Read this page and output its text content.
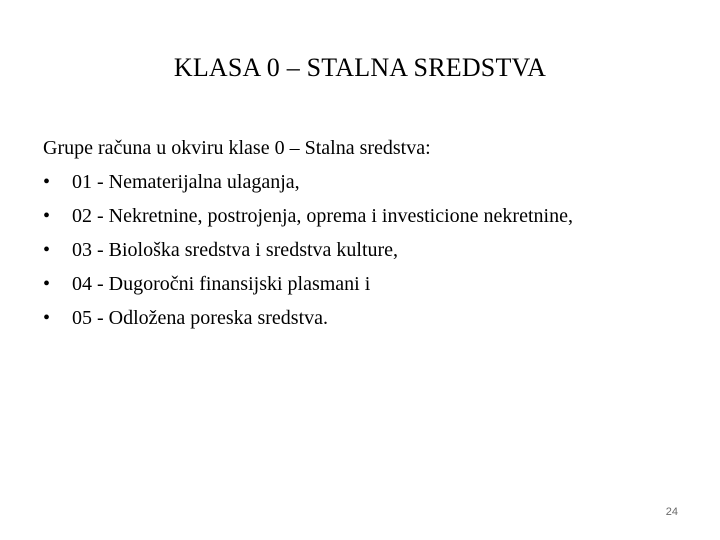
KLASA 0 – STALNA SREDSTVA
Grupe računa u okviru klase 0 – Stalna sredstva:
•	01 - Nematerijalna ulaganja,
•	02 - Nekretnine, postrojenja, oprema i investicione nekretnine,
•	03 - Biološka sredstva i sredstva kulture,
•	04 - Dugoročni finansijski plasmani i
•	05 - Odložena poreska sredstva.
24
